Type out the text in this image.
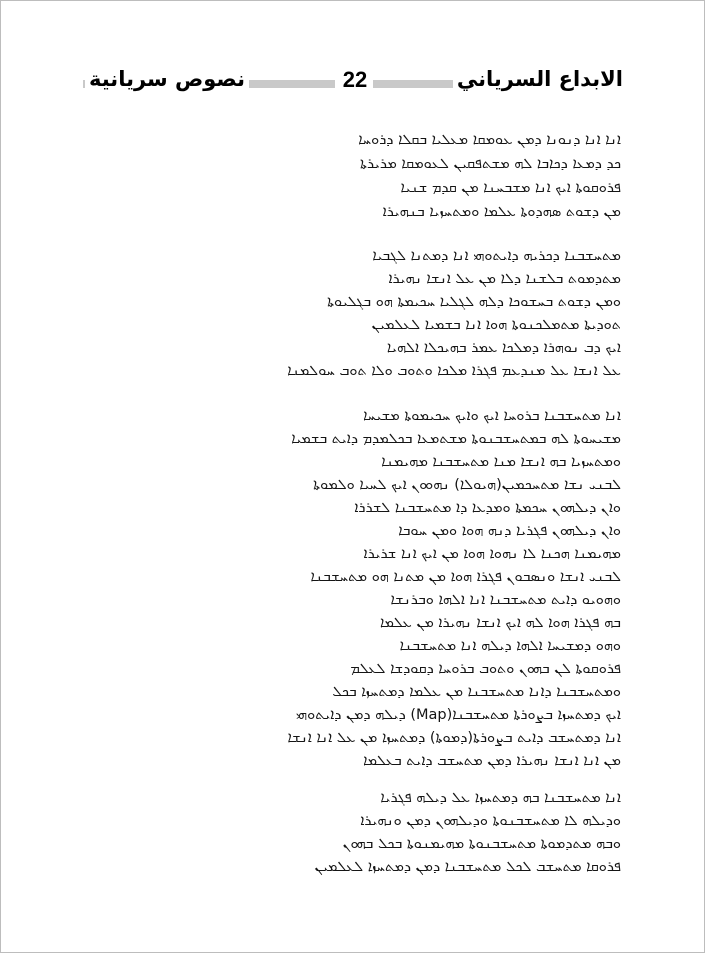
نصوص سريانية	22	الابداع السرياني
ܐܢܐ ܐܢܐ ܕܢܘܢܐ ܕܡܢ ܥܘܡܩܐ ܡܥܠܝܐ ܒܩܠܐ ܕܪܘܚܐ
ܟܕ ܕܡܥܐ ܕܟܐܒܐ ܠܗ ܡܫܬܦܩܝܢ ܠܥܘܡܩܐ ܡܪܝܪܬܐ
ܦܪܘܩܘܬܐ ܐܝܟ ܐܢܐ ܡܫܒܚܢܐ ܡܢ ܩܕܡ ܫܢܝܐ
ܡܢ ܕܫܘܬ ܣܗܕܘܬܐ ܥܠܡܐ ܘܡܬܚܙܝܐ ܒܢܗܝܪܐ
ܡܬܚܫܒܢܐ ܕܟܪܝܗ ܕܐܝܬܘܗܝ ܐܢܐ ܕܡܬܢܐ ܠܓܒܝܐ
ܡܬܕܡܘܬ ܒܠܫܢܐ ܕܠܐ ܡܢ ܥܠ ܐܢܫܐ ܢܗܝܪܐ
ܘܡܢ ܕܫܘܬ ܒܚܫܘܟܐ ܕܠܗ ܠܓܠܝܐ ܚܟܝܡܬܐ ܗܘ ܒܓܠܝܘܬܐ
ܬܘܕܝܬܐ ܡܬܡܠܟܢܘܬܐ ܗܘܐ ܐܢܐ ܒܫܡܝܐ ܠܥܠܡܝܢ
ܐܝܟ ܕܒ ܢܘܗܪܐ ܕܡܠܟܐ ܥܡܪ ܒܗܝܟܠܐ ܐܠܗܝܐ
ܥܠ ܐܢܫܐ ܥܠ ܡܢܕܥܡ ܦܓܪܐ ܡܠܟܐ ܘܬܘܒ ܘܠܐ ܬܘܒ ܚܘܠܡܢܐ
ܐܢܐ ܡܬܚܫܒܢܐ ܒܪܘܚܐ ܐܝܟ ܘܐܝܟ ܚܟܝܡܘܬܐ ܡܫܝܚܐ
ܡܫܝܚܘܬܐ ܠܗ ܒܡܬܚܫܒܢܘܬܐ ܡܫܬܡܥܐ ܒܟܠܡܕܡ ܕܐܝܬ ܒܫܡܝܐ
ܘܡܬܚܙܝܐ ܒܗ ܐܢܫܐ ܡܢܐ ܡܬܚܫܒܢܐ ܡܗܝܡܢܐ
ܠܒܢܝ ܢܫܐ ܡܬܚܟܡܝܢ(ܗܝܘܠܐ) ܢܗܘܘܢ ܐܝܟ ܠܚܝܐ ܘܠܡܘܬܐ
ܘܐܢ ܕܝܠܗܘܢ ܚܟܡܬܐ ܘܡܕܥܐ ܕܐ ܡܬܚܫܒܢܐ ܠܫܪܪܐ
ܘܐܢ ܕܝܠܗܘܢ ܦܓܪܝܐ ܕܢܗ ܗܘܐ ܘܡܢ ܚܘܒܐ
ܡܗܝܡܢܐ ܗܟܢܐ ܠܐ ܢܗܘܐ ܗܘܐ ܡܢ ܐܝܟ ܐܢܐ ܫܪܝܪܐ
ܠܒܢܝ ܐܢܫܐ ܘܢܣܒܘܢ ܦܓܪܐ ܗܘܐ ܡܢ ܡܬܢܐ ܗܘ ܡܬܚܫܒܢܐ
ܘܗܘܝܘ ܕܐܝܬ ܡܬܚܫܒܢܐ ܐܢܐ ܐܠܗܐ ܘܒܪܢܫܐ
ܒܗ ܦܓܪܐ ܗܘܐ ܠܗ ܐܝܟ ܐܢܫܐ ܢܗܝܪܐ ܡܢ ܥܠܡܐ
ܘܗܘ ܕܡܫܝܚܐ ܐܠܗܐ ܕܝܠܗ ܐܢܐ ܡܬܚܫܒܢܐ
ܦܪܘܩܘܬܐ ܠܢ ܒܗܘܢ ܘܬܘܒ ܒܪܘܚܐ ܕܩܘܕܫܐ ܠܥܠܡ
ܘܡܬܚܫܒܢܐ ܕܐܢܐ ܡܬܚܫܒܢܐ ܡܢ ܥܠܡܐ ܕܡܬܚܙܐ ܒܟܠ
ܐܝܟ ܕܡܬܚܙܐ ܒܨܘܪܬܐ ܡܬܚܫܒܢܐ(Map) ܕܝܠܗ ܕܡܢ ܕܐܝܬܘܗܝ
ܐܢܐ ܕܡܬܚܫܒ ܕܐܝܬ ܒܨܘܪܬܐ(ܕܡܘܬܐ) ܕܡܬܚܙܐ ܡܢ ܥܠ ܐܢܐ ܐܢܫܐ
ܡܢ ܐܢܐ ܐܢܫܐ ܢܗܝܪܐ ܕܡܢ ܡܬܚܫܒ ܕܐܝܬ ܒܥܠܡܐ
ܐܢܐ ܡܬܚܫܒܢܐ ܒܗ ܕܡܬܚܙܐ ܥܠ ܕܝܠܗ ܦܓܪܝܐ
ܘܕܝܠܗ ܠܐ ܡܬܚܫܒܢܘܬܐ ܘܕܝܠܗܘܢ ܕܡܢ ܘܢܗܝܪܐ
ܘܒܗ ܡܬܕܡܘܬܐ ܡܬܚܫܒܢܘܬܐ ܡܗܝܡܢܘܬܐ ܒܟܠ ܒܗܘܢ
ܦܪܘܩܐ ܡܬܚܫܒ ܠܟܠ ܡܬܚܫܒܢܐ ܕܡܢ ܕܡܬܚܙܐ ܠܥܠܡܝܢ
